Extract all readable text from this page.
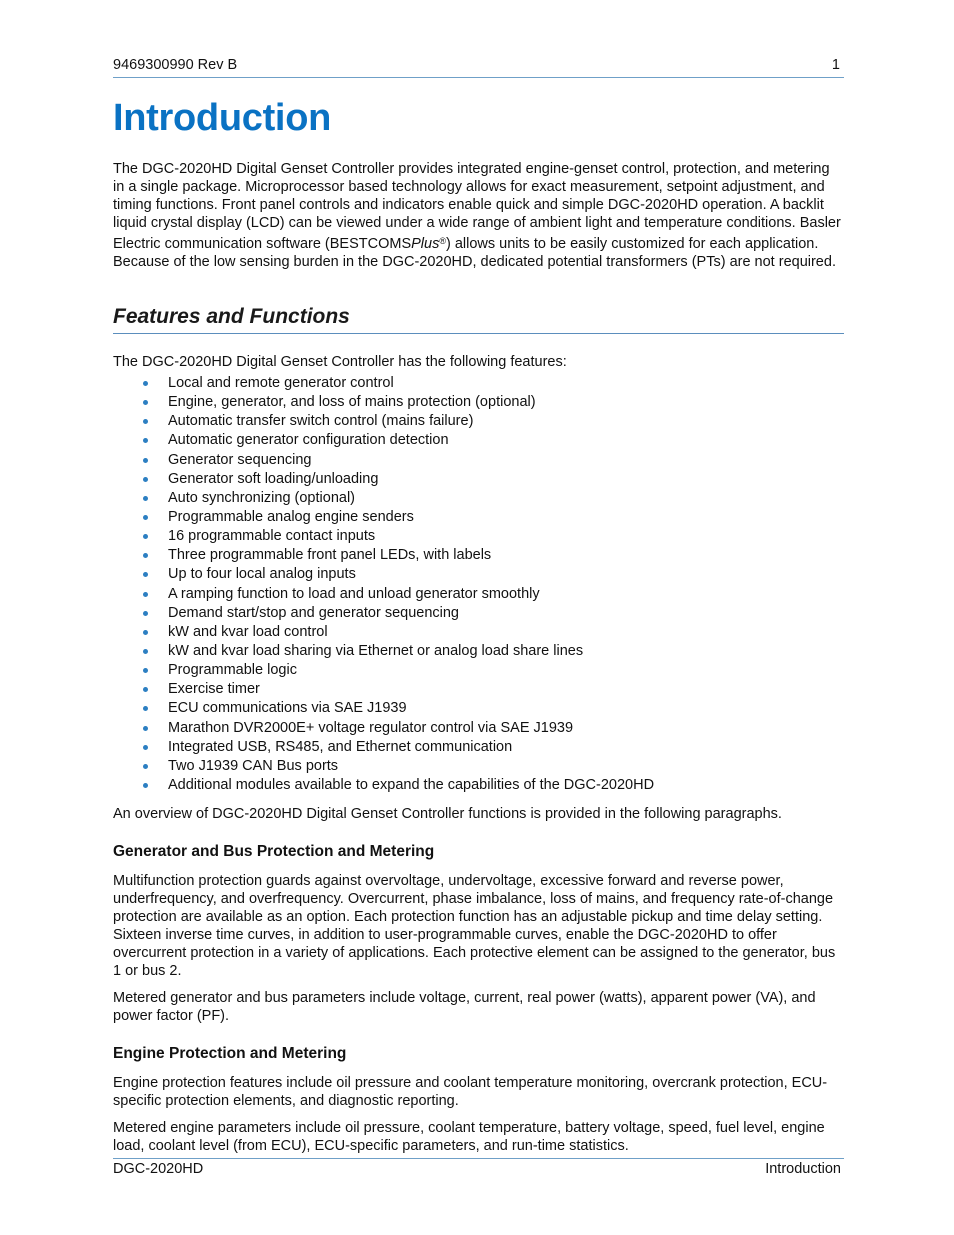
9469300990 Rev B	1
Introduction

The DGC-2020HD Digital Genset Controller provides integrated engine-genset control, protection, and metering in a single package. Microprocessor based technology allows for exact measurement, setpoint adjustment, and timing functions. Front panel controls and indicators enable quick and simple DGC-2020HD operation. A backlit liquid crystal display (LCD) can be viewed under a wide range of ambient light and temperature conditions. Basler Electric communication software (BESTCOMSPlus®) allows units to be easily customized for each application. Because of the low sensing burden in the DGC-2020HD, dedicated potential transformers (PTs) are not required.

Features and Functions

The DGC-2020HD Digital Genset Controller has the following features:

Local and remote generator control
Engine, generator, and loss of mains protection (optional)
Automatic transfer switch control (mains failure)
Automatic generator configuration detection
Generator sequencing
Generator soft loading/unloading
Auto synchronizing (optional)
Programmable analog engine senders
16 programmable contact inputs
Three programmable front panel LEDs, with labels
Up to four local analog inputs
A ramping function to load and unload generator smoothly
Demand start/stop and generator sequencing
kW and kvar load control
kW and kvar load sharing via Ethernet or analog load share lines
Programmable logic
Exercise timer
ECU communications via SAE J1939
Marathon DVR2000E+ voltage regulator control via SAE J1939
Integrated USB, RS485, and Ethernet communication
Two J1939 CAN Bus ports
Additional modules available to expand the capabilities of the DGC-2020HD

An overview of DGC-2020HD Digital Genset Controller functions is provided in the following paragraphs.

Generator and Bus Protection and Metering

Multifunction protection guards against overvoltage, undervoltage, excessive forward and reverse power, underfrequency, and overfrequency. Overcurrent, phase imbalance, loss of mains, and frequency rate-of-change protection are available as an option. Each protection function has an adjustable pickup and time delay setting. Sixteen inverse time curves, in addition to user-programmable curves, enable the DGC-2020HD to offer overcurrent protection in a variety of applications. Each protective element can be assigned to the generator, bus 1 or bus 2.

Metered generator and bus parameters include voltage, current, real power (watts), apparent power (VA), and power factor (PF).

Engine Protection and Metering

Engine protection features include oil pressure and coolant temperature monitoring, overcrank protection, ECU-specific protection elements, and diagnostic reporting.

Metered engine parameters include oil pressure, coolant temperature, battery voltage, speed, fuel level, engine load, coolant level (from ECU), ECU-specific parameters, and run-time statistics.

DGC-2020HD	Introduction
